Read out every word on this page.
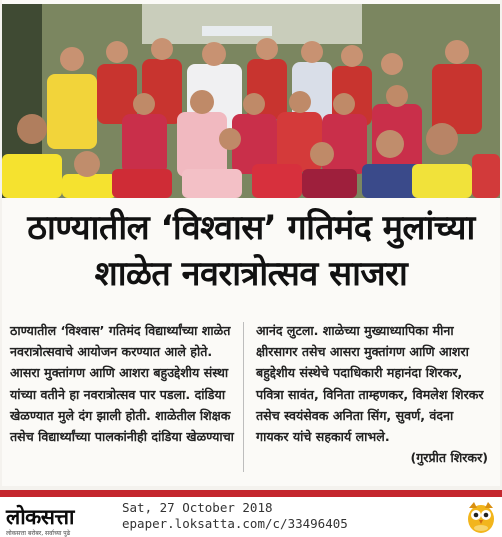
ठाण्यातील ‘विश्वास’ गतिमंद मुलांच्या
शाळेत नवरात्रोत्सव साजरा

ठाण्यातील ‘विश्वास’ गतिमंद विद्यार्थ्यांच्या शाळेत नवरात्रोत्सवाचे आयोजन करण्यात आले होते. आसरा मुक्तांगण आणि आशरा बहुउद्देशीय संस्था यांच्या वतीने हा नवरात्रोत्सव पार पडला. दांडिया खेळण्यात मुले दंग झाली होती. शाळेतील शिक्षक तसेच विद्यार्थ्यांच्या पालकांनीही दांडिया खेळण्याचा

आनंद लुटला. शाळेच्या मुख्याध्यापिका मीना क्षीरसागर तसेच आसरा मुक्तांगण आणि आशरा बहुद्देशीय संस्थेचे पदाधिकारी महानंदा शिरकर, पवित्रा सावंत, विनिता ताम्हणकर, विमलेश शिरकर तसेच स्वयंसेवक अनिता सिंग, सुवर्ण, वंदना गायकर यांचे सहकार्य लाभले.
(गुरप्रीत शिरकर)

लोकसत्ता
लोकसत्ता बरोबर, सर्वाच्या पुढे
Sat, 27 October 2018
epaper.loksatta.com/c/33496405
